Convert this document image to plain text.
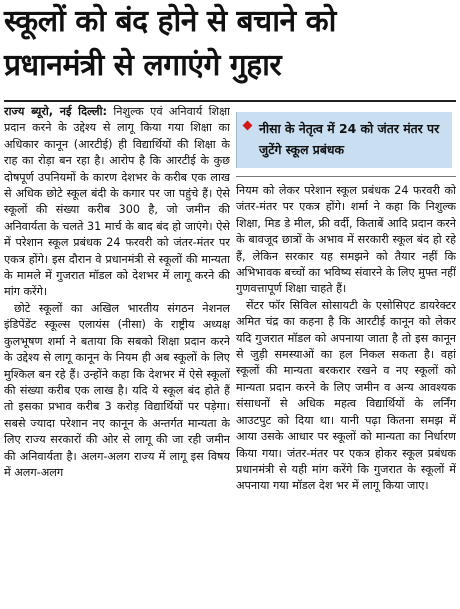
स्कूलों को बंद होने से बचाने को
प्रधानमंत्री से लगाएंगे गुहार

राज्य ब्यूरो, नई दिल्ली: निशुल्क एवं अनिवार्य शिक्षा प्रदान करने के उद्देश्य से लागू किया गया शिक्षा का अधिकार कानून (आरटीई) ही विद्यार्थियों की शिक्षा के राह का रोड़ा बन रहा है। आरोप है कि आरटीई के कुछ दोषपूर्ण उपनियमों के कारण देशभर के करीब एक लाख से अधिक छोटे स्कूल बंदी के कगार पर जा पहुंचे हैं। ऐसे स्कूलों की संख्या करीब 300 है, जो जमीन की अनिवार्यता के चलते 31 मार्च के बाद बंद हो जाएंगे। ऐसे में परेशान स्कूल प्रबंधक 24 फरवरी को जंतर-मंतर पर एकत्र होंगे। इस दौरान वे प्रधानमंत्री से स्कूलों की मान्यता के मामले में गुजरात मॉडल को देशभर में लागू करने की मांग करेंगे।

छोटे स्कूलों का अखिल भारतीय संगठन नेशनल इंडिपेंडेंट स्कूल्स एलायंस (नीसा) के राष्ट्रीय अध्यक्ष कुलभूषण शर्मा ने बताया कि सबको शिक्षा प्रदान करने के उद्देश्य से लागू कानून के नियम ही अब स्कूलों के लिए मुश्किल बन रहे हैं। उन्होंने कहा कि देशभर में ऐसे स्कूलों की संख्या करीब एक लाख है। यदि ये स्कूल बंद होते हैं तो इसका प्रभाव करीब 3 करोड़ विद्यार्थियों पर पड़ेगा। सबसे ज्यादा परेशान नए कानून के अन्तर्गत मान्यता के लिए राज्य सरकारों की ओर से लागू की जा रही जमीन की अनिवार्यता है। अलग-अलग राज्य में लागू इस विषय में अलग-अलग

नीसा के नेतृत्व में 24 को जंतर मंतर पर जुटेंगे स्कूल प्रबंधक

नियम को लेकर परेशान स्कूल प्रबंधक 24 फरवरी को जंतर-मंतर पर एकत्र होंगे। शर्मा ने कहा कि निशुल्क शिक्षा, मिड डे मील, फ्री वर्दी, किताबें आदि प्रदान करने के बावजूद छात्रों के अभाव में सरकारी स्कूल बंद हो रहे हैं, लेकिन सरकार यह समझने को तैयार नहीं कि अभिभावक बच्चों का भविष्य संवारने के लिए मुफ्त नहीं गुणवत्तापूर्ण शिक्षा चाहते हैं।

सेंटर फॉर सिविल सोसायटी के एसोसिएट डायरेक्टर अमित चंद्र का कहना है कि आरटीई कानून को लेकर यदि गुजरात मॉडल को अपनाया जाता है तो इस कानून से जुड़ी समस्याओं का हल निकल सकता है। वहां स्कूलों की मान्यता बरकरार रखने व नए स्कूलों को मान्यता प्रदान करने के लिए जमीन व अन्य आवश्यक संसाधनों से अधिक महत्व विद्यार्थियों के लर्निंग आउटपुट को दिया था। यानी पढ़ा कितना समझ में आया उसके आधार पर स्कूलों को मान्यता का निर्धारण किया गया। जंतर-मंतर पर एकत्र होकर स्कूल प्रबंधक प्रधानमंत्री से यही मांग करेंगे कि गुजरात के स्कूलों में अपनाया गया मॉडल देश भर में लागू किया जाए।
